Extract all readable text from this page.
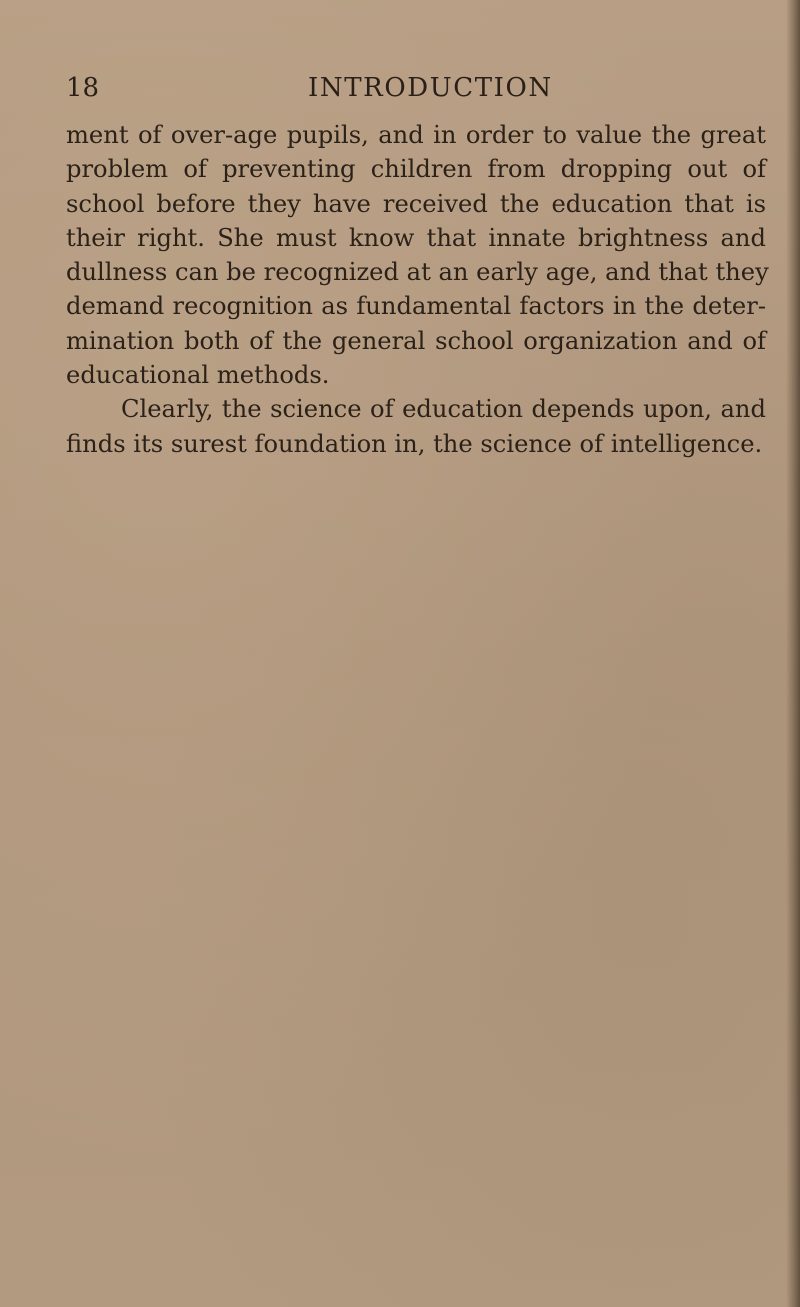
18	INTRODUCTION
ment of over-age pupils, and in order to value the great
problem of preventing children from dropping out of
school before they have received the education that is
their right. She must know that innate brightness and
dullness can be recognized at an early age, and that they
demand recognition as fundamental factors in the deter-
mination both of the general school organization and of
educational methods.
Clearly, the science of education depends upon, and
finds its surest foundation in, the science of intelligence.
